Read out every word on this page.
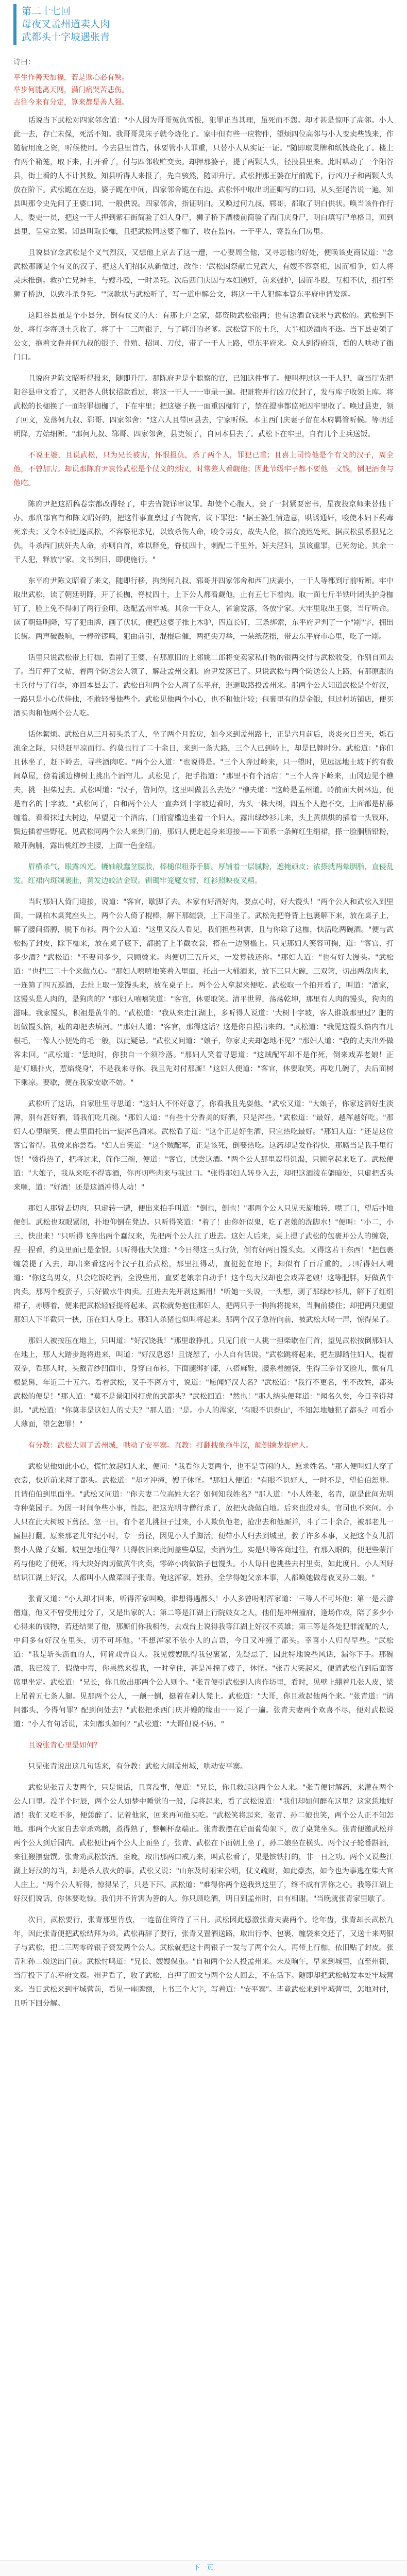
第二十七回
母夜叉孟州道卖人肉
武都头十字坡遇张青
诗曰：

平生作善天加福，若是欺心必有殃。

举步何能离天网，满门痛哭苦悲伤。

古往今来有分定，算来都是善人强。

话说当下武松对四家邻舍道："小人因为哥哥冤仇雪恨，犯罪正当其理，虽死而不怨。却才甚是惊吓了高邻。小人此一去，存亡未保，死活不知。我哥哥灵床子就今烧化了。家中但有些一应物件，望烦四位高邻与小人变卖些钱来，作随衙用度之资，听候使用。今去县里首告，休要管小人罪重，只替小人从实证一证。"随即取灵牌和纸钱烧化了。楼上有两个箱笼，取下来，打开看了，付与四邻收贮变卖。却押那婆子，提了两颗人头，径投县里来。此时哄动了一个阳谷县，街上看的人不计其数。知县听得人来报了，先自骇然，随即升厅。武松押那王婆在厅前跪下，行凶刀子和两颗人头放在阶下。武松跪在左边，婆子跪在中间，四家邻舍跪在右边。武松怀中取出胡正卿写的口词，从头至尾告说一遍。知县叫那令史先问了王婆口词，一般供说。四家邻舍，指证明白。又唤过何九叔、郓哥，都取了明白供状。唤当该仵作行人，委吏一员，把这一干人押到紫石街简验了妇人身尸，狮子桥下酒楼前简验了西门庆身尸，明白填写尸单格目，回到县里，呈堂立案。知县叫取长枷，且把武松同这婆子枷了，收在监内。一干平人，寄监在门房里。

且说县官念武松是个义气烈汉，又想他上京去了这一遭，一心要周全他，又寻思他的好处，便唤该吏商议道："念武松那厮是个有义的汉子，把这人们招状从新做过，改作：'武松因祭献亡兄武大，有嫂不容祭祀，因而相争，妇人将灵床推倒。救护亡兄神主，与嫂斗殴，一时杀死。次后西门庆因与本妇通奸，前来强护，因而斗殴，互相不伏，扭打至狮子桥边，以致斗杀身死。'"读款状与武松听了，写一道申解公文，将这一干人犯解本管东平府申请发落。

这阳谷县虽是个小县分，倒有仗义的人：有那上户之家，都资助武松银两；也有送酒食钱米与武松的。武松到下处，将行李寄顿土兵收了，将了十二三两银子，与了郓哥的老爹。武松管下的土兵，大半相送酒肉不迭。当下县吏领了公文，抱着文卷并何九叔的银子、骨殖、招词、刀仗，带了一干人上路，望东平府来。众人到得府前，看的人哄动了衙门口。

且说府尹陈文昭听得报来，随即升厅。那陈府尹是个聪察的官，已知这件事了。便叫押过这一干人犯，就当厅先把阳谷县申文看了，又把各人供状招款看过，将这一干人一一审录一遍。把赃物并行凶刀仗封了，发与库子收领上库。将武松的长枷换了一面轻罪枷枷了，下在牢里；把这婆子换一面重囚枷钉了，禁在提事都监死囚牢里收了。唤过县吏，领了回文，发落何九叔、郓哥、四家邻舍："这六人且带回县去，宁家听候。本主西门庆妻子留在本府羁管听候。等朝廷明降，方始细断。"那何九叔、郓哥、四家邻舍，县吏领了，自回本县去了。武松下在牢里，自有几个土兵送饭。

不说王婆，且说武松，只为兄长被害，怀恨报仇，杀了两个人，罪犯已重；且喜上司怜他是个有义的汉子，周全他，不曾加害。却说那陈府尹哀怜武松是个仗义的烈汉，时常差人看觑他；因此节级牢子都不要他一文钱，倒把酒食与他吃。

陈府尹把这招稿卷宗都改得轻了，申去省院详审议罪。却使个心腹人，赍了一封紧要密书，星夜投京师来替他干办。那刑部官有和陈文昭好的，把这件事直禀过了省院官，议下罪犯："据王婆生情造意，哄诱通奸，唆使本妇下药毒死亲夫；又令本妇赶逐武松，不容祭祀亲兄，以致杀伤人命，唆令男女，故失人伦，拟合凌迟处死。据武松虽系报兄之仇，斗杀西门庆奸夫人命，亦则自首，难以释免，脊杖四十，刺配二千里外。奸夫淫妇，虽该重罪，已死勿论。其余一干人犯，释放宁家。文书到日，即便施行。"

东平府尹陈文昭看了来文，随即行移，拘到何九叔、郓哥并四家邻舍和西门庆妻小，一干人等都到厅前听断。牢中取出武松，读了朝廷明降，开了长枷，脊杖四十，上下公人都看觑他，止有五七下着肉。取一面七斤半铁叶团头护身枷钉了，脸上免不得刺了两行金印，迭配孟州牢城。其余一干众人，省谕发落，各放宁家。大牢里取出王婆，当厅听命。读了朝廷明降，写了犯由牌，画了伏状，便把这婆子推上木驴，四道长钉，三条绑索，东平府尹判了一个"剐"字，拥出长街。两声破鼓响，一棒碎锣鸣，犯由前引，混棍后催，两把尖刀举，一朵纸花摇，带去东平府市心里，吃了一剐。

话里只说武松带上行枷，看剐了王婆，有那原旧的上邻姚二郎将变卖家私什物的银两交付与武松收受，作别自回去了。当厅押了文帖，着两个防送公人领了，解赴孟州交割。府尹发落已了。只说武松与两个防送公人上路，有那原跟的土兵付与了行李，亦回本县去了。武松自和两个公人离了东平府，迤逦取路投孟州来。那两个公人知道武松是个好汉，一路只是小心伏侍他，不敢轻慢他些个。武松见他两个小心，也不和他计较；包裹里有的是金银，但过村坊铺店，便买酒买肉和他两个公人吃。

话休絮烦。武松自从三月初头杀了人，坐了两个月监房，如今来到孟州路上，正是六月前后，炎炎火日当天，烁石流金之际，只得赶早凉而行。约莫也行了二十余日，来到一条大路，三个人已到岭上，却是巳牌时分。武松道："你们且休坐了，赶下岭去，寻些酒肉吃。"两个公人道："也说得是。"三个人奔过岭来，只一望时，见远远地土坡下约有数间草屋，傍着溪边柳树上挑出个酒帘儿。武松见了，把手指道："那里不有个酒店！"三个人奔下岭来，山冈边见个樵夫，挑一担柴过去。武松叫道："汉子，借问你，这里叫做甚么去处？"樵夫道："这岭是孟州道。岭前面大树林边，便是有名的十字坡。"武松问了，自和两个公人一直奔到十字坡边看时，为头一株大树，四五个人抱不交，上面都是枯藤缠着。看看抹过大树边，早望见一个酒店，门前窗槛边坐着一个妇人，露出绿纱衫儿来，头上黄烘烘的插着一头钗环，鬓边插着些野花。见武松同两个公人来到门前，那妇人便走起身来迎接——下面系一条鲜红生绢裙，搽一脸胭脂铅粉，敞开胸脯，露出桃红纱主腰，上面一色金纽。

眉横杀气，眼露凶光。辘轴般蠢坌腰肢，棒槌似粗莽手脚。厚铺着一层腻粉，遮掩顽皮；浓搽就两晕胭脂，直侵乱发。红裙内斑斓裹肚，黄发边皎洁金钗。钏镯牢笼魔女臂，红衫照映夜叉精。

当时那妇人倚门迎接，说道："客官，歇脚了去。本家有好酒好肉，要点心时，好大馒头！"两个公人和武松入到里面，一副柏木桌凳座头上，两个公人倚了棍棒，解下那缠袋，上下肩坐了。武松先把脊背上包裹解下来，放在桌子上，解了腰间搭膊，脱下布衫。两个公人道："这里又没人看见，我们担些利害，且与你除了这枷，快活吃两碗酒。"便与武松揭了封皮，除下枷来，放在桌子底下，都脱了上半截衣裳，搭在一边窗槛上。只见那妇人笑容可掬，道："客官，打多少酒？"武松道："不要问多少，只顾烫来。肉便切三五斤来，一发算钱还你。"那妇人道："也有好大馒头。"武松道："也把三二十个来做点心。"那妇人嘻嘻地笑着入里面，托出一大桶酒来，放下三只大碗，三双箸，切出两盘肉来，一连筛了四五巡酒，去灶上取一笼馒头来，放在桌子上。两个公人拿起来便吃。武松取一个拍开看了，叫道："酒家，这馒头是人肉的，是狗肉的？"那妇人嘻嘻笑道："客官，休要取笑。清平世界，荡荡乾坤，那里有人肉的馒头，狗肉的滋味。我家馒头，积祖是黄牛的。"武松道："我从来走江湖上，多听得人说道：'大树十字坡，客人谁敢那里过？肥的切做馒头馅，瘦的却把去填河。'"那妇人道："客官，那得这话？这是你自捏出来的。"武松道："我见这馒头馅内有几根毛，一像人小便处的毛一般，以此疑忌。"武松又问道："娘子，你家丈夫却怎地不见？"那妇人道："我的丈夫出外做客未回。"武松道："恁地时，你独自一个须冷落。"那妇人笑着寻思道："这贼配军却不是作死，倒来戏弄老娘！正是'灯蛾扑火，惹焰烧身'，不是我来寻你。我且先对付那厮！"这妇人便道："客官，休要取笑。再吃几碗了，去后面树下乘凉。要歇，便在我家安歇不妨。"

武松听了这话，自家肚里寻思道："这妇人不怀好意了，你看我且先耍他。"武松又道："大娘子，你家这酒好生淡薄，别有甚好酒，请我们吃几碗。"那妇人道："有些十分香美的好酒，只是浑些。"武松道："最好，越浑越好吃。"那妇人心里暗笑，便去里面托出一旋浑色酒来。武松看了道："这个正是好生酒，只宜热吃最好。"那妇人道："还是这位客官省得。我烫来你尝看。"妇人自笑道："这个贼配军，正是该死，倒要热吃。这药却是发作得快，那厮当是我手里行货！"烫得热了，把将过来，筛作三碗，便道："客官，试尝这酒。"两个公人那里忍得饥渴，只顾拿起来吃了。武松便道："大娘子，我从来吃不得寡酒，你再切些肉来与我过口。"张得那妇人转身入去，却把这酒泼在僻暗处，只虚把舌头来咂，道："好酒！还是这酒冲得人动！"

那妇人那曾去切肉，只虚转一遭，便出来拍手叫道："倒也，倒也！"那两个公人只见天旋地转，噤了口，望后扑地便倒。武松也双眼紧闭，扑地仰倒在凳边。只听得笑道："着了！由你奸似鬼，吃了老娘的洗脚水！"便叫："小二，小三，快出来！"只听得飞奔出两个蠢汉来，先把两个公人扛了进去。这妇人后来，桌上提了武松的包裹并公人的缠袋，捏一捏看，约莫里面已是金银。只听得他大笑道："今日得这三头行货，倒有好两日馒头卖。又得这若干东西！"把包裹缠袋提了入去，却出来看这两个汉子扛抬武松，那里扛得动，直挺挺在地下，却似有千百斤重的。只听得妇人喝道："你这鸟男女，只会吃饭吃酒，全没些用，直要老娘亲自动手！这个鸟大汉却也会戏弄老娘！这等肥胖，好做黄牛肉卖。那两个瘦蛮子，只好做水牛肉卖。扛进去先开剥这厮用！"听她一头说，一头想，剥了那绿纱衫儿，解下了红绢裙子，赤膊着，便来把武松轻轻提将起来。武松就势抱住那妇人，把两只手一拘拘将拢来，当胸前搂住；却把两只腿望那妇人下半截只一挟，压在妇人身上。那妇人杀猪也似叫将起来。那两个汉子急待向前，被武松大喝一声，惊得呆了。

那妇人被按压在地上，只叫道："好汉饶我！"那里敢挣扎。只见门前一人挑一担柴歇在门首，望见武松按倒那妇人在地上，那人大踏步跑将进来，叫道："好汉息怒！且饶恕了，小人自有话说。"武松跳将起来，把左脚踏住妇人，提着双拳，看那人时，头戴青纱凹面巾，身穿白布衫，下面腿绑护膝，八搭麻鞋，腰系着缠袋，生得三拳骨叉脸儿，微有几根髭髯，年近三十五六。看着武松，叉手不离方寸，说道："愿闻好汉大名？"武松道："我行不更名，坐不改姓，都头武松的便是！"那人道："莫不是景阳冈打虎的武都头？"武松回道："然也！"那人纳头便拜道："闻名久矣，今日幸得拜识。"武松道："你莫非是这妇人的丈夫？"那人道："是。小人的浑家，'有眼不识泰山'，不知怎地触犯了都头？可看小人薄面，望乞恕罪！"

有分教：武松大闹了孟州城，哄动了安平寨。直教：打翻拽象拖牛汉，颠倒擒龙捉虎人。

武松见他如此小心，慌忙放起妇人来，便问："我看你夫妻两个，也不是等闲的人，愿求姓名。"那人便叫妇人穿了衣裳，快近前来拜了都头。武松道："却才冲撞，嫂子休怪。"那妇人便道："有眼不识好人，一时不是，望伯伯恕罪。且请伯伯到里面坐。"武松又问道："你夫妻二位高姓大名？如何知我姓名？"那人道："小人姓张，名青，原是此间光明寺种菜园子。为因一时间争些小事，性起，把这光明寺僧行杀了，放把火烧做白地。后来也没对头，官司也不来问。小人只在此大树坡下剪径。忽一日，有个老儿挑担子过来，小人欺负他老，抢出去和他厮并，斗了二十余合，被那老儿一匾担打翻。原来那老儿年纪小时，专一剪径，因见小人手脚活，便带小人归去到城里，教了许多本事，又把这个女儿招赘小人做了女婿。城里怎地住得？只得依旧来此间盖些草屋，卖酒为生。实是只等客商过往，有那入眼的，便把些蒙汗药与他吃了便死，将大块好肉切做黄牛肉卖，零碎小肉做馅子包馒头。小人每日也挑些去村里卖，如此度日。小人因好结识江湖上好汉，人都叫小人做菜园子张青。俺这浑家，姓孙，全学得她父亲本事，人都唤她做母夜叉孙二娘。"

张青又道："小人却才回来，听得浑家叫唤，谁想得遇都头！小人多曾吩咐浑家道：'三等人不可坏他：第一是云游僧道，他又不曾受用过分了，又是出家的人；第二等是江湖上行院妓女之人，他们是冲州撞府，逢场作戏，陪了多少小心得来的钱物，若还结果了他，那厮们你我相传，去戏台上说得我等江湖上好汉不英雄；第三等是各处犯罪流配的人，中间多有好汉在里头，切不可坏他。'不想浑家不依小人的言语，今日又冲撞了都头。幸喜小人归得早些。"武松道："我是斩头沥血的人，何肯戏弄良人。我见嫂嫂瞧得我包裹紧，先疑忌了，因此特地说些风话，漏你下手。那碗酒，我已泼了，假做中毒，你果然来提我，一时拿住，甚是冲撞了嫂子，休怪。"张青大笑起来，便请武松直到后面客席里坐定。武松道："兄长，你且放出那两个公人则个。"张青便引武松到人肉作坊里，看时，见壁上绷着几张人皮，梁上吊着五七条人腿。见那两个公人，一颠一倒，挺着在剥人凳上。武松道："大哥，你且救起他两个来。"张青道："请问都头，今得何罪？配到何处去？"武松把杀西门庆并嫂的缘由一一说了一遍。张青夫妻两个欢喜不尽，便对武松说道："小人有句话说，未知都头如何？"武松道："大哥但说不妨。"

且说张青心里是如何？

只见张青说出这几句话来，有分教：武松大闹孟州城，哄动安平寨。

武松见张青夫妻两个，只是说话，且喜没事，便道："兄长，你且救起这两个公人来。"张青便讨解药，来灌在两个公人口里。没半个时辰，两个公人如梦中睡觉的一般，爬将起来，看了武松说道："我们却如何醉在这里？这家恁地好酒！我们又吃不多，便恁醉了。记着他家，回来再问他买吃。"武松笑将起来，张青、孙二娘也笑，两个公人正不知怎地。那两个火家自去宰杀鸡鹅，煮得熟了，整顿杯盘端正。张青教摆在后面葡萄架下，放了桌凳坐头。张青便邀武松并两个公人到后园内。武松便让两个公人上面坐了，张青、武松在下面朝上坐了，孙二娘坐在横头。两个汉子轮番斟酒，来往搬摆盘馔。张青劝武松饮酒。至晚，取出那两口戒刀来，叫武松看了，果是镔铁打的，非一日之功。两个又说些江湖上好汉的勾当，却是杀人放火的事。武松又说："山东及时雨宋公明，仗义疏财，如此豪杰，如今也为事逃在柴大官人庄上。"两个公人听得，惊得呆了，只是下拜。武松道："难得你两个送我到这里了，终不成有害你之心。我等江湖上好汉们说话，你休要吃惊。我们并不肯害为善的人。你只顾吃酒，明日到孟州时，自有相谢。"当晚就张青家里歇了。

次日，武松要行，张青那里肯放，一连留住管待了三日。武松因此感激张青夫妻两个。论年齿，张青却长武松九年，因此张青便把武松结拜为弟。武松再辞了要行，张青又置酒送路，取出行李、包裹、缠袋来交还了，又送十来两银子与武松，把二三两零碎银子赍发两个公人。武松就把这十两银子一发与了两个公人，再带上行枷，依旧贴了封皮。张青和孙二娘送出门前。武松忖鸣道："兄长、嫂嫂保重。"自和两个公人投孟州来。未及晌午，早来到城里，直至州衙，当厅投下了东平府文牒。州尹看了，收了武松，自押了回文与两个公人回去，不在话下。随即却把武松帖发本处牢城营来。当日武松来到牢城营前，看见一座牌额，上书三个大字，写着道："安平寨"。毕竟武松来到牢城营里，怎地对付，且听下回分解。

下一页
